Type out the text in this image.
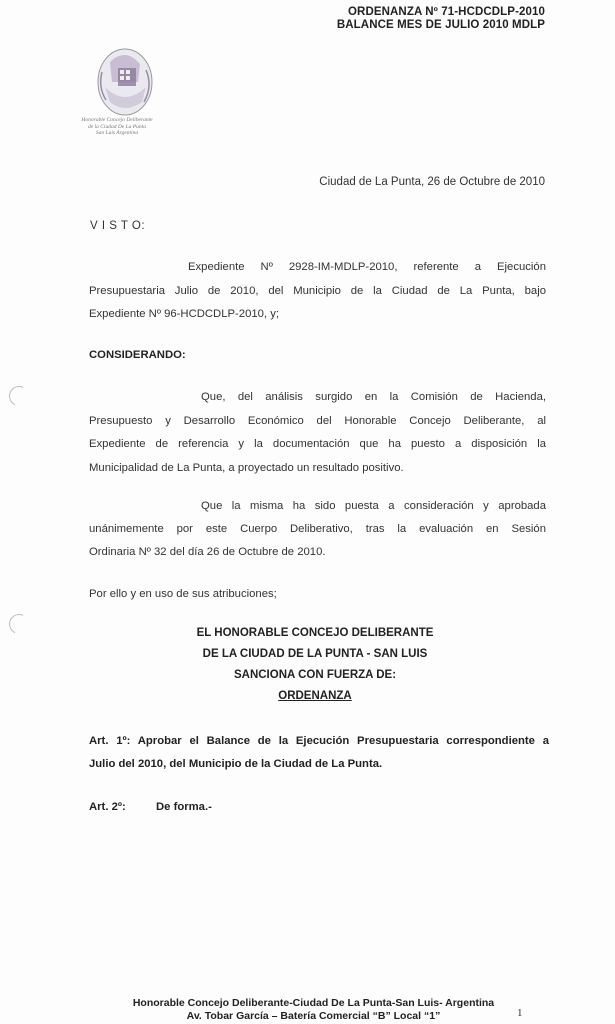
ORDENANZA Nº 71-HCDCDLP-2010
BALANCE MES DE JULIO 2010 MDLP
Honorable Concejo Deliberante
de la Ciudad De La Punta
San Luis Argentina
Ciudad de La Punta, 26 de Octubre de 2010
V I S T O:
Expediente Nº 2928-IM-MDLP-2010, referente a Ejecución
Presupuestaria Julio de 2010, del Municipio de la Ciudad de La Punta, bajo
Expediente Nº 96-HCDCDLP-2010, y;
CONSIDERANDO:
Que, del análisis surgido en la Comisión de Hacienda,
Presupuesto y Desarrollo Económico del Honorable Concejo Deliberante, al
Expediente de referencia y la documentación que ha puesto a disposición la
Municipalidad de La Punta, a proyectado un resultado positivo.
Que la misma ha sido puesta a consideración y aprobada
unánimemente por este Cuerpo Deliberativo, tras la evaluación en Sesión
Ordinaria Nº 32 del día 26 de Octubre de 2010.
Por ello y en uso de sus atribuciones;
EL HONORABLE CONCEJO DELIBERANTE
DE LA CIUDAD DE LA PUNTA - SAN LUIS
SANCIONA CON FUERZA DE:
ORDENANZA
Art. 1º: Aprobar el Balance de la Ejecución Presupuestaria correspondiente a
Julio del 2010, del Municipio de la Ciudad de La Punta.
Art. 2º:	De forma.-
Honorable Concejo Deliberante-Ciudad De La Punta-San Luis- Argentina
Av. Tobar García – Batería Comercial “B” Local “1”	1
